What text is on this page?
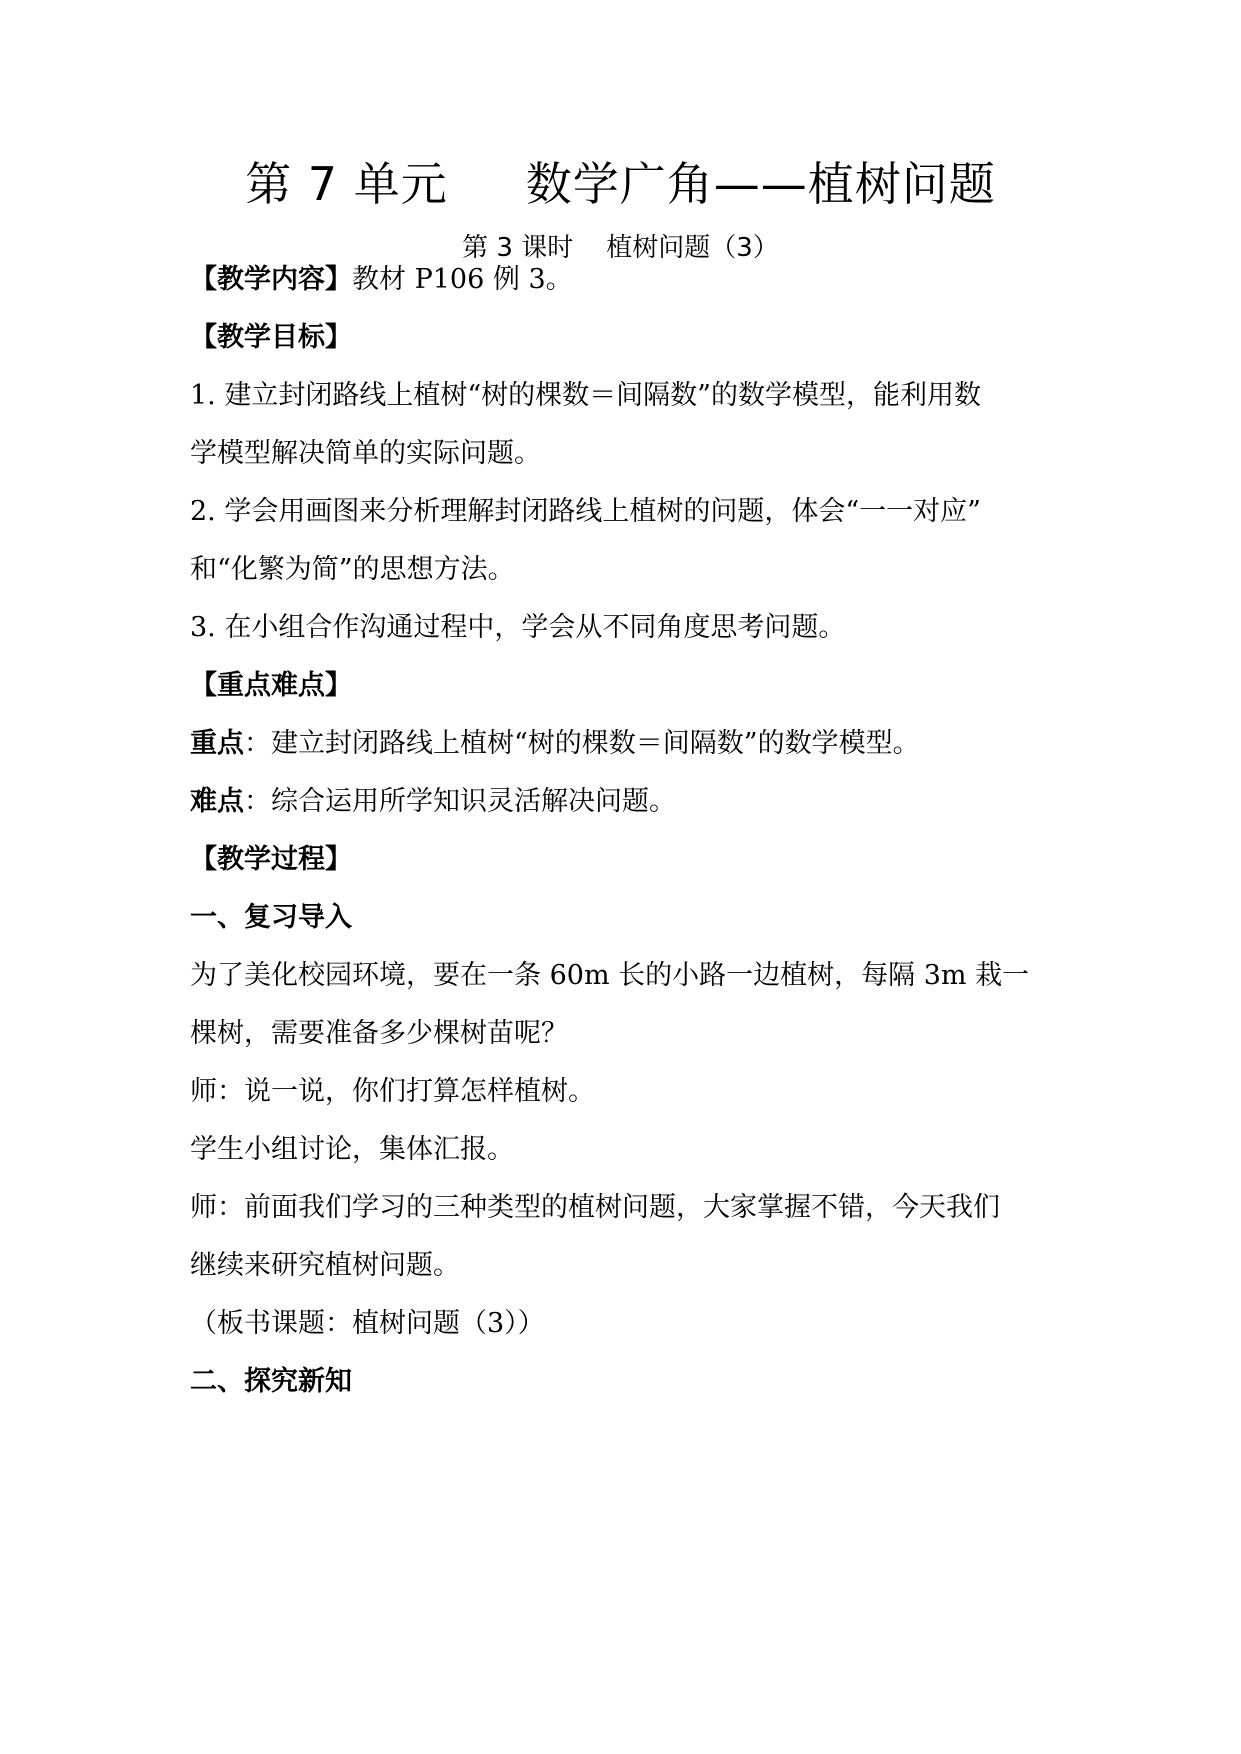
第 7 单元     数学广角——植树问题
第 3 课时    植树问题（3）
【教学内容】教材 P106 例 3。
【教学目标】
1. 建立封闭路线上植树“树的棵数＝间隔数”的数学模型，能利用数
学模型解决简单的实际问题。
2. 学会用画图来分析理解封闭路线上植树的问题，体会“一一对应”
和“化繁为简”的思想方法。
3. 在小组合作沟通过程中，学会从不同角度思考问题。
【重点难点】
重点：建立封闭路线上植树“树的棵数＝间隔数”的数学模型。
难点：综合运用所学知识灵活解决问题。
【教学过程】
一、复习导入
为了美化校园环境，要在一条 60m 长的小路一边植树，每隔 3m 栽一
棵树，需要准备多少棵树苗呢？
师：说一说，你们打算怎样植树。
学生小组讨论，集体汇报。
师：前面我们学习的三种类型的植树问题，大家掌握不错，今天我们
继续来研究植树问题。
（板书课题：植树问题（3））
二、探究新知
